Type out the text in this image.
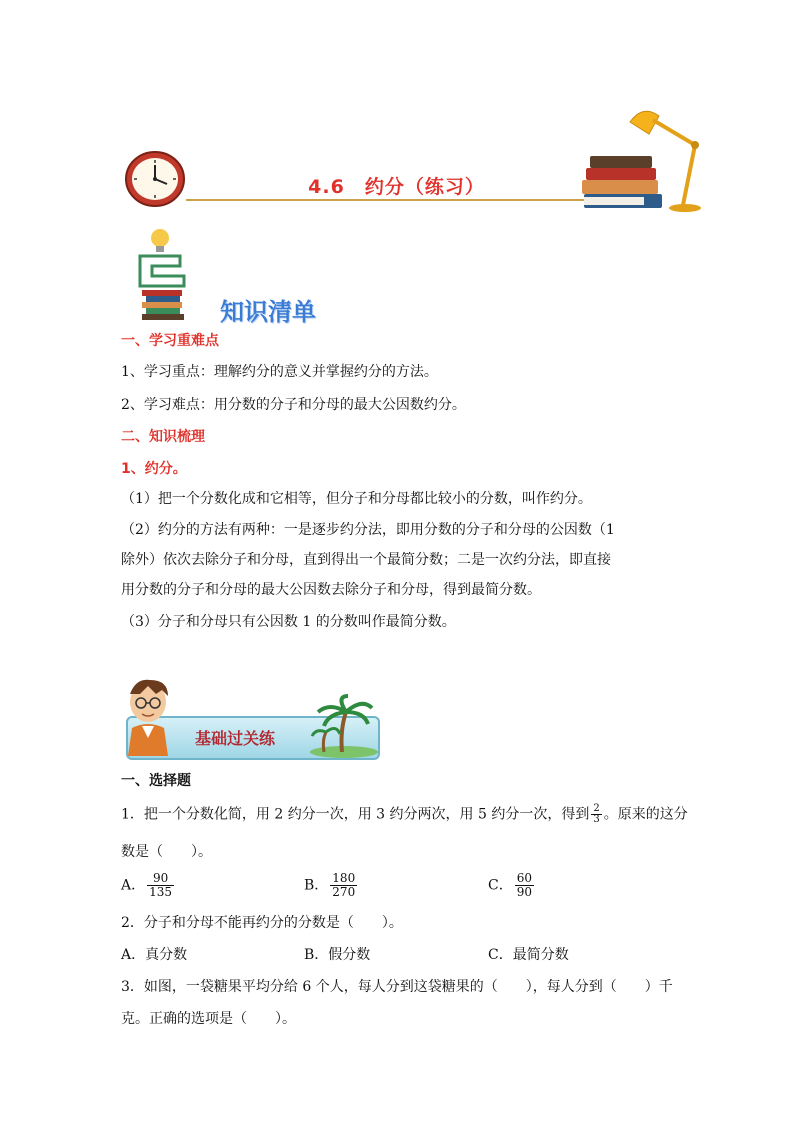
4.6　约分（练习）
知识清单
一、学习重难点
1、学习重点：理解约分的意义并掌握约分的方法。
2、学习难点：用分数的分子和分母的最大公因数约分。
二、知识梳理
1、约分。
（1）把一个分数化成和它相等，但分子和分母都比较小的分数，叫作约分。
（2）约分的方法有两种：一是逐步约分法，即用分数的分子和分母的公因数（1
除外）依次去除分子和分母，直到得出一个最简分数；二是一次约分法，即直接
用分数的分子和分母的最大公因数去除分子和分母，得到最简分数。
（3）分子和分母只有公因数 1 的分数叫作最简分数。
基础过关练
一、选择题
1．把一个分数化简，用 2 约分一次，用 3 约分两次，用 5 约分一次，得到 $\frac{2}{3}$ 。原来的这分
数是（　　）。
A． $\frac{90}{135}$	B． $\frac{180}{270}$	C． $\frac{60}{90}$
2．分子和分母不能再约分的分数是（　　）。
A．真分数	B．假分数	C．最简分数
3．如图，一袋糖果平均分给 6 个人，每人分到这袋糖果的（　　），每人分到（　　）千
克。正确的选项是（　　）。
